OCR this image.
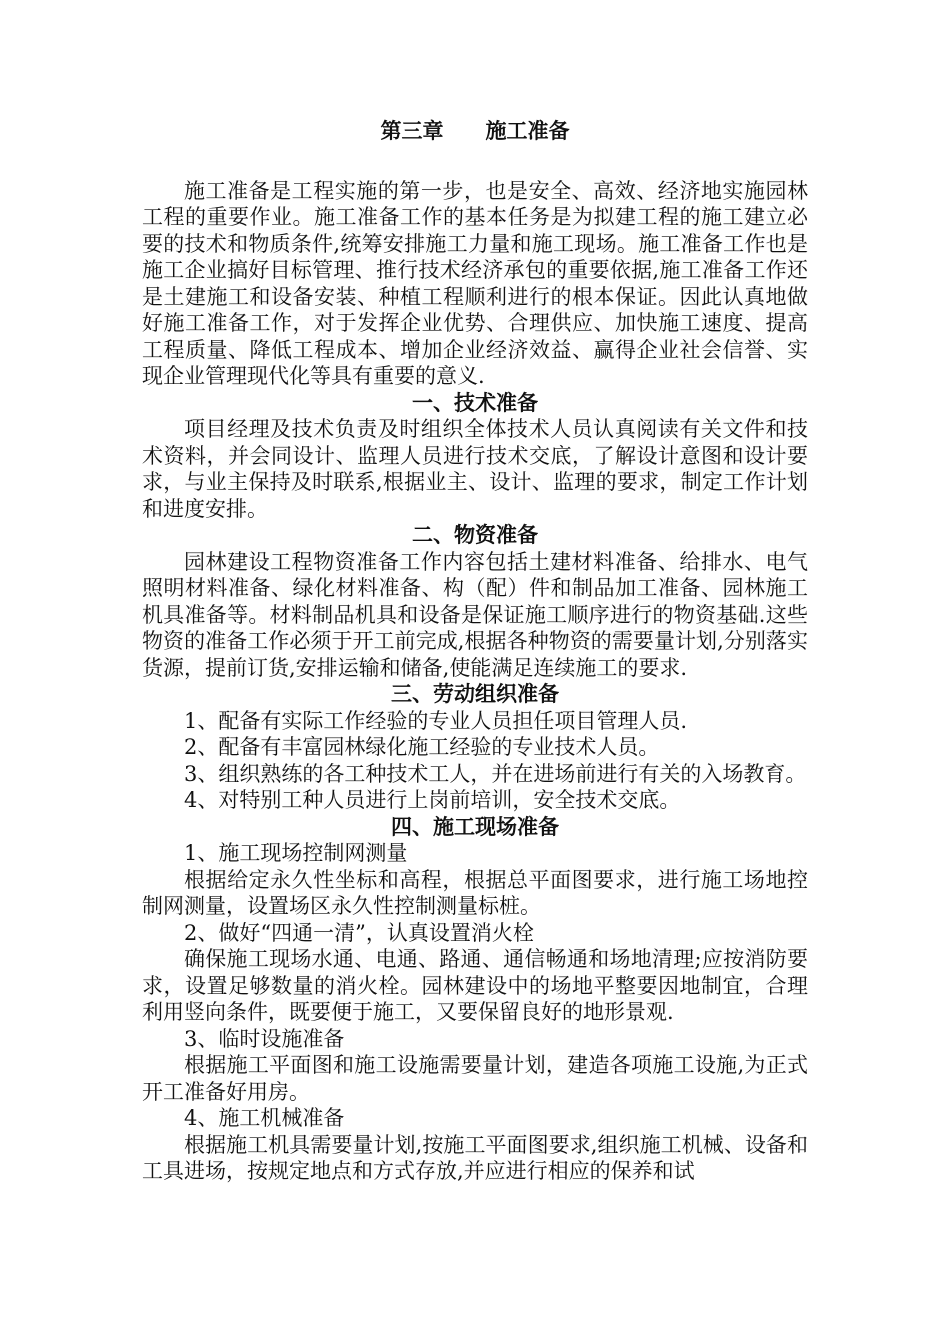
第三章　　施工准备

施工准备是工程实施的第一步，也是安全、高效、经济地实施园林工程的重要作业。施工准备工作的基本任务是为拟建工程的施工建立必要的技术和物质条件,统筹安排施工力量和施工现场。施工准备工作也是施工企业搞好目标管理、推行技术经济承包的重要依据,施工准备工作还是土建施工和设备安装、种植工程顺利进行的根本保证。因此认真地做好施工准备工作，对于发挥企业优势、合理供应、加快施工速度、提高工程质量、降低工程成本、增加企业经济效益、赢得企业社会信誉、实现企业管理现代化等具有重要的意义.

一、技术准备

项目经理及技术负责及时组织全体技术人员认真阅读有关文件和技术资料，并会同设计、监理人员进行技术交底，了解设计意图和设计要求，与业主保持及时联系,根据业主、设计、监理的要求，制定工作计划和进度安排。

二、物资准备

园林建设工程物资准备工作内容包括土建材料准备、给排水、电气照明材料准备、绿化材料准备、构（配）件和制品加工准备、园林施工机具准备等。材料制品机具和设备是保证施工顺序进行的物资基础.这些物资的准备工作必须于开工前完成,根据各种物资的需要量计划,分别落实货源，提前订货,安排运输和储备,使能满足连续施工的要求.

三、劳动组织准备

1、配备有实际工作经验的专业人员担任项目管理人员.

2、配备有丰富园林绿化施工经验的专业技术人员。

3、组织熟练的各工种技术工人，并在进场前进行有关的入场教育。

4、对特别工种人员进行上岗前培训，安全技术交底。

四、施工现场准备

1、施工现场控制网测量

根据给定永久性坐标和高程，根据总平面图要求，进行施工场地控制网测量，设置场区永久性控制测量标桩。

2、做好“四通一清”，认真设置消火栓

确保施工现场水通、电通、路通、通信畅通和场地清理;应按消防要求，设置足够数量的消火栓。园林建设中的场地平整要因地制宜，合理利用竖向条件，既要便于施工，又要保留良好的地形景观.

3、临时设施准备

根据施工平面图和施工设施需要量计划，建造各项施工设施,为正式开工准备好用房。

4、施工机械准备

根据施工机具需要量计划,按施工平面图要求,组织施工机械、设备和工具进场，按规定地点和方式存放,并应进行相应的保养和试
